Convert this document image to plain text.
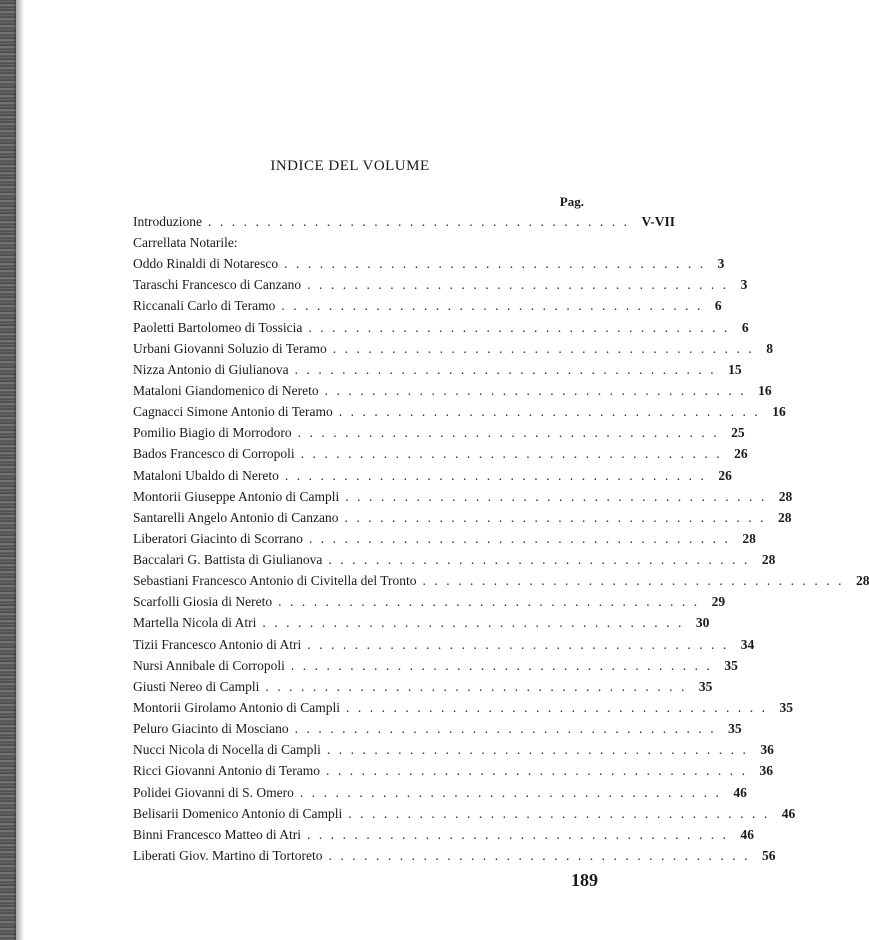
INDICE DEL VOLUME
Pag.
Introduzione .................................... V-VII
Carrellata Notarile:
Oddo Rinaldi di Notaresco .................................... 3
Taraschi Francesco di Canzano .................................... 3
Riccanali Carlo di Teramo .................................... 6
Paoletti Bartolomeo di Tossicia .................................... 6
Urbani Giovanni Soluzio di Teramo .................................... 8
Nizza Antonio di Giulianova .................................... 15
Mataloni Giandomenico di Nereto .................................... 16
Cagnacci Simone Antonio di Teramo .................................... 16
Pomilio Biagio di Morrodoro .................................... 25
Bados Francesco di Corropoli .................................... 26
Mataloni Ubaldo di Nereto .................................... 26
Montorii Giuseppe Antonio di Campli .................................... 28
Santarelli Angelo Antonio di Canzano .................................... 28
Liberatori Giacinto di Scorrano .................................... 28
Baccalari G. Battista di Giulianova .................................... 28
Sebastiani Francesco Antonio di Civitella del Tronto .................................... 28
Scarfolli Giosia di Nereto .................................... 29
Martella Nicola di Atri .................................... 30
Tizii Francesco Antonio di Atri .................................... 34
Nursi Annibale di Corropoli .................................... 35
Giusti Nereo di Campli .................................... 35
Montorii Girolamo Antonio di Campli .................................... 35
Peluro Giacinto di Mosciano .................................... 35
Nucci Nicola di Nocella di Campli .................................... 36
Ricci Giovanni Antonio di Teramo .................................... 36
Polidei Giovanni di S. Omero .................................... 46
Belisarii Domenico Antonio di Campli .................................... 46
Binni Francesco Matteo di Atri .................................... 46
Liberati Giov. Martino di Tortoreto .................................... 56
189
